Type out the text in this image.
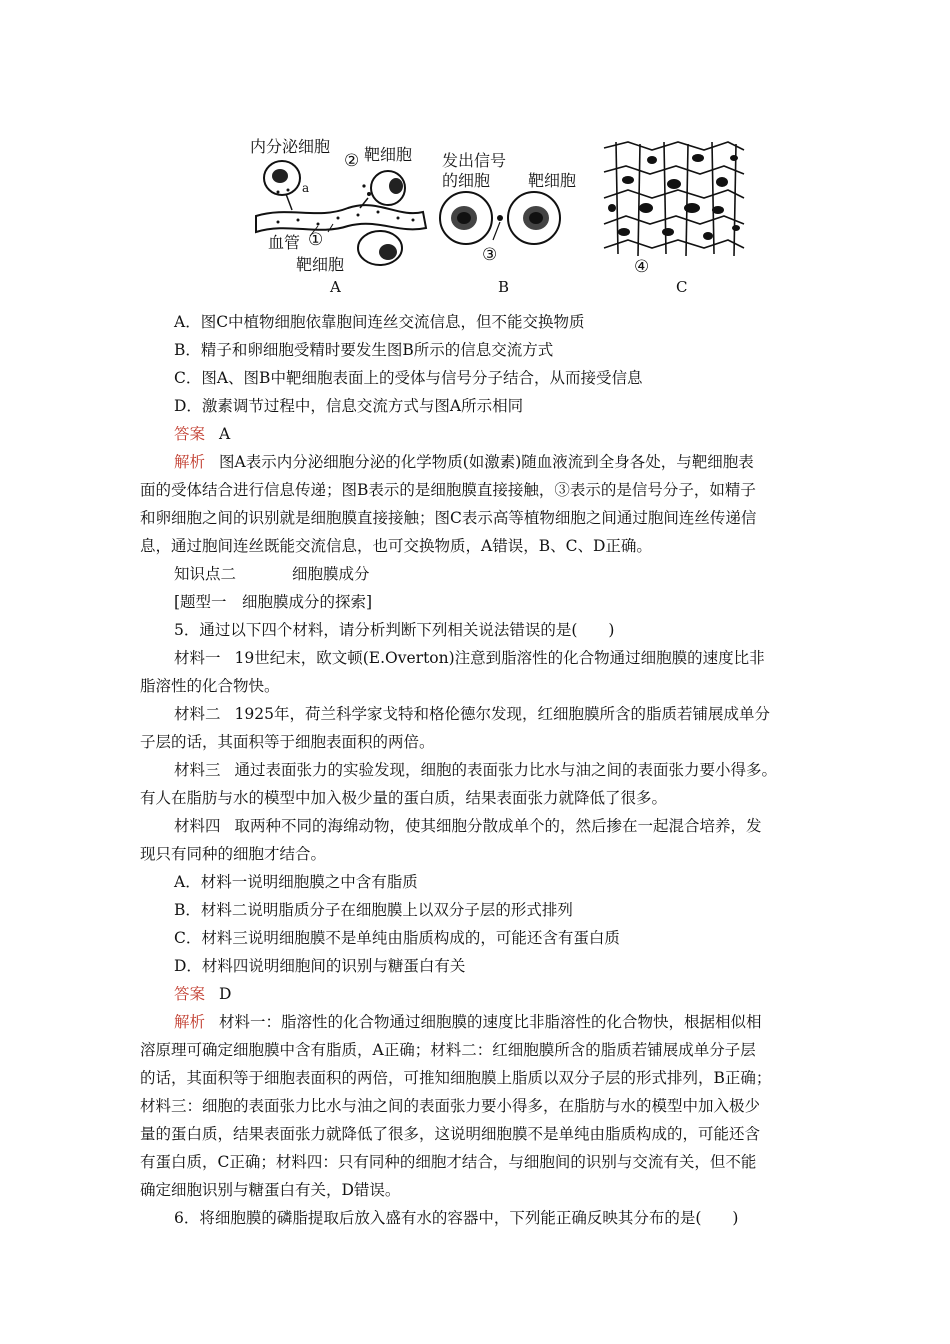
内分泌细胞
② 靶细胞
a
血管 ①
靶细胞
A
发出信号
的细胞 靶细胞
③
B
④
C
A．图C中植物细胞依靠胞间连丝交流信息，但不能交换物质
B．精子和卵细胞受精时要发生图B所示的信息交流方式
C．图A、图B中靶细胞表面上的受体与信号分子结合，从而接受信息
D．激素调节过程中，信息交流方式与图A所示相同
答案 A
解析 图A表示内分泌细胞分泌的化学物质(如激素)随血液流到全身各处，与靶细胞表
面的受体结合进行信息传递；图B表示的是细胞膜直接接触，③表示的是信号分子，如精子
和卵细胞之间的识别就是细胞膜直接接触；图C表示高等植物细胞之间通过胞间连丝传递信
息，通过胞间连丝既能交流信息，也可交换物质，A错误，B、C、D正确。
知识点二	细胞膜成分
[题型一　细胞膜成分的探索]
5．通过以下四个材料，请分析判断下列相关说法错误的是(　　)
材料一 19世纪末，欧文顿(E.Overton)注意到脂溶性的化合物通过细胞膜的速度比非
脂溶性的化合物快。
材料二 1925年，荷兰科学家戈特和格伦德尔发现，红细胞膜所含的脂质若铺展成单分
子层的话，其面积等于细胞表面积的两倍。
材料三 通过表面张力的实验发现，细胞的表面张力比水与油之间的表面张力要小得多。
有人在脂肪与水的模型中加入极少量的蛋白质，结果表面张力就降低了很多。
材料四 取两种不同的海绵动物，使其细胞分散成单个的，然后掺在一起混合培养，发
现只有同种的细胞才结合。
A．材料一说明细胞膜之中含有脂质
B．材料二说明脂质分子在细胞膜上以双分子层的形式排列
C．材料三说明细胞膜不是单纯由脂质构成的，可能还含有蛋白质
D．材料四说明细胞间的识别与糖蛋白有关
答案 D
解析 材料一：脂溶性的化合物通过细胞膜的速度比非脂溶性的化合物快，根据相似相
溶原理可确定细胞膜中含有脂质，A正确；材料二：红细胞膜所含的脂质若铺展成单分子层
的话，其面积等于细胞表面积的两倍，可推知细胞膜上脂质以双分子层的形式排列，B正确；
材料三：细胞的表面张力比水与油之间的表面张力要小得多，在脂肪与水的模型中加入极少
量的蛋白质，结果表面张力就降低了很多，这说明细胞膜不是单纯由脂质构成的，可能还含
有蛋白质，C正确；材料四：只有同种的细胞才结合，与细胞间的识别与交流有关，但不能
确定细胞识别与糖蛋白有关，D错误。
6．将细胞膜的磷脂提取后放入盛有水的容器中，下列能正确反映其分布的是(　　)
